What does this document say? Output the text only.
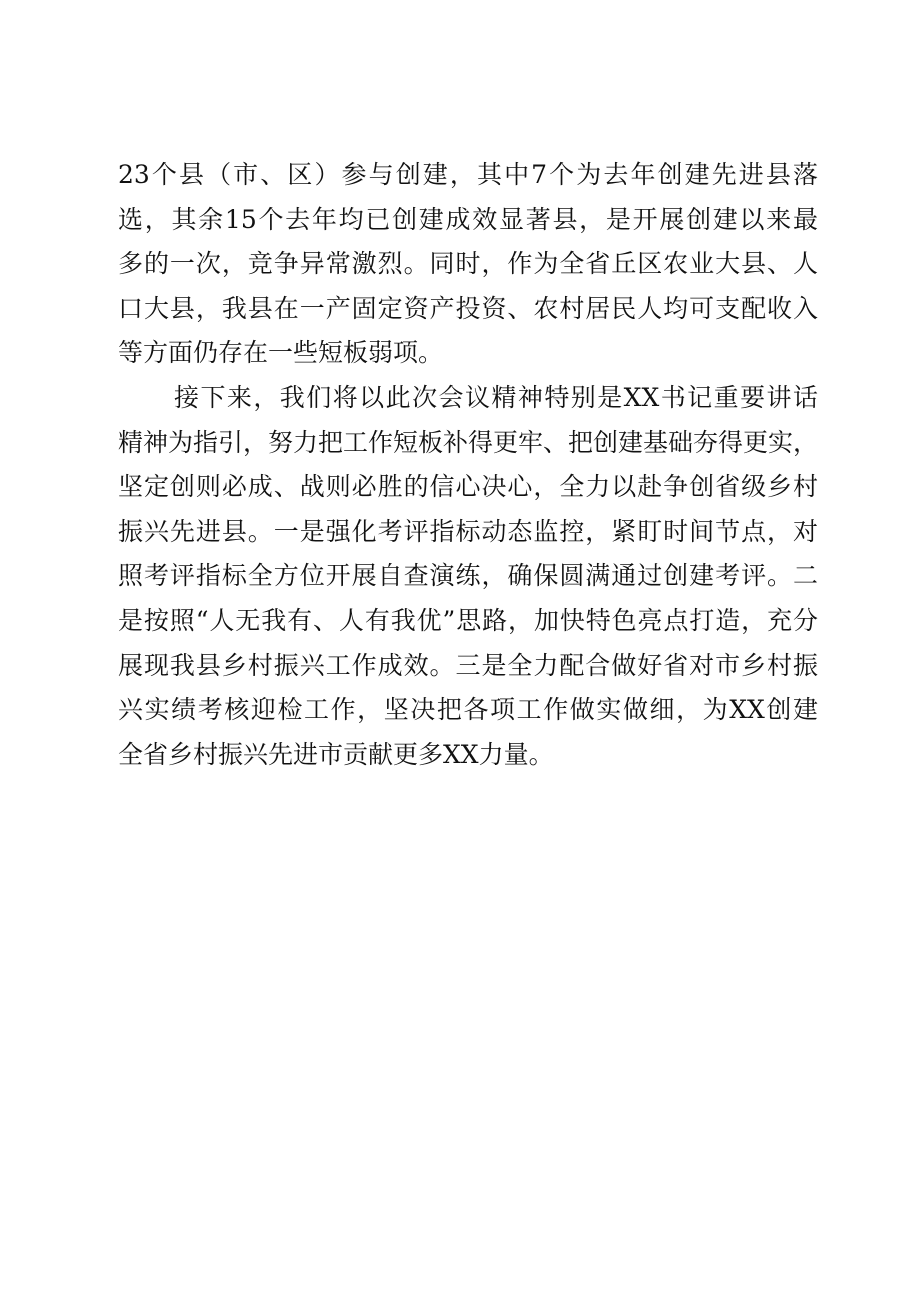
23个县（市、区）参与创建，其中7个为去年创建先进县落
选，其余15个去年均已创建成效显著县，是开展创建以来最
多的一次，竞争异常激烈。同时，作为全省丘区农业大县、人
口大县，我县在一产固定资产投资、农村居民人均可支配收入
等方面仍存在一些短板弱项。
接下来，我们将以此次会议精神特别是XX书记重要讲话
精神为指引，努力把工作短板补得更牢、把创建基础夯得更实，
坚定创则必成、战则必胜的信心决心，全力以赴争创省级乡村
振兴先进县。一是强化考评指标动态监控，紧盯时间节点，对
照考评指标全方位开展自查演练，确保圆满通过创建考评。二
是按照“人无我有、人有我优”思路，加快特色亮点打造，充分
展现我县乡村振兴工作成效。三是全力配合做好省对市乡村振
兴实绩考核迎检工作，坚决把各项工作做实做细，为XX创建
全省乡村振兴先进市贡献更多XX力量。
